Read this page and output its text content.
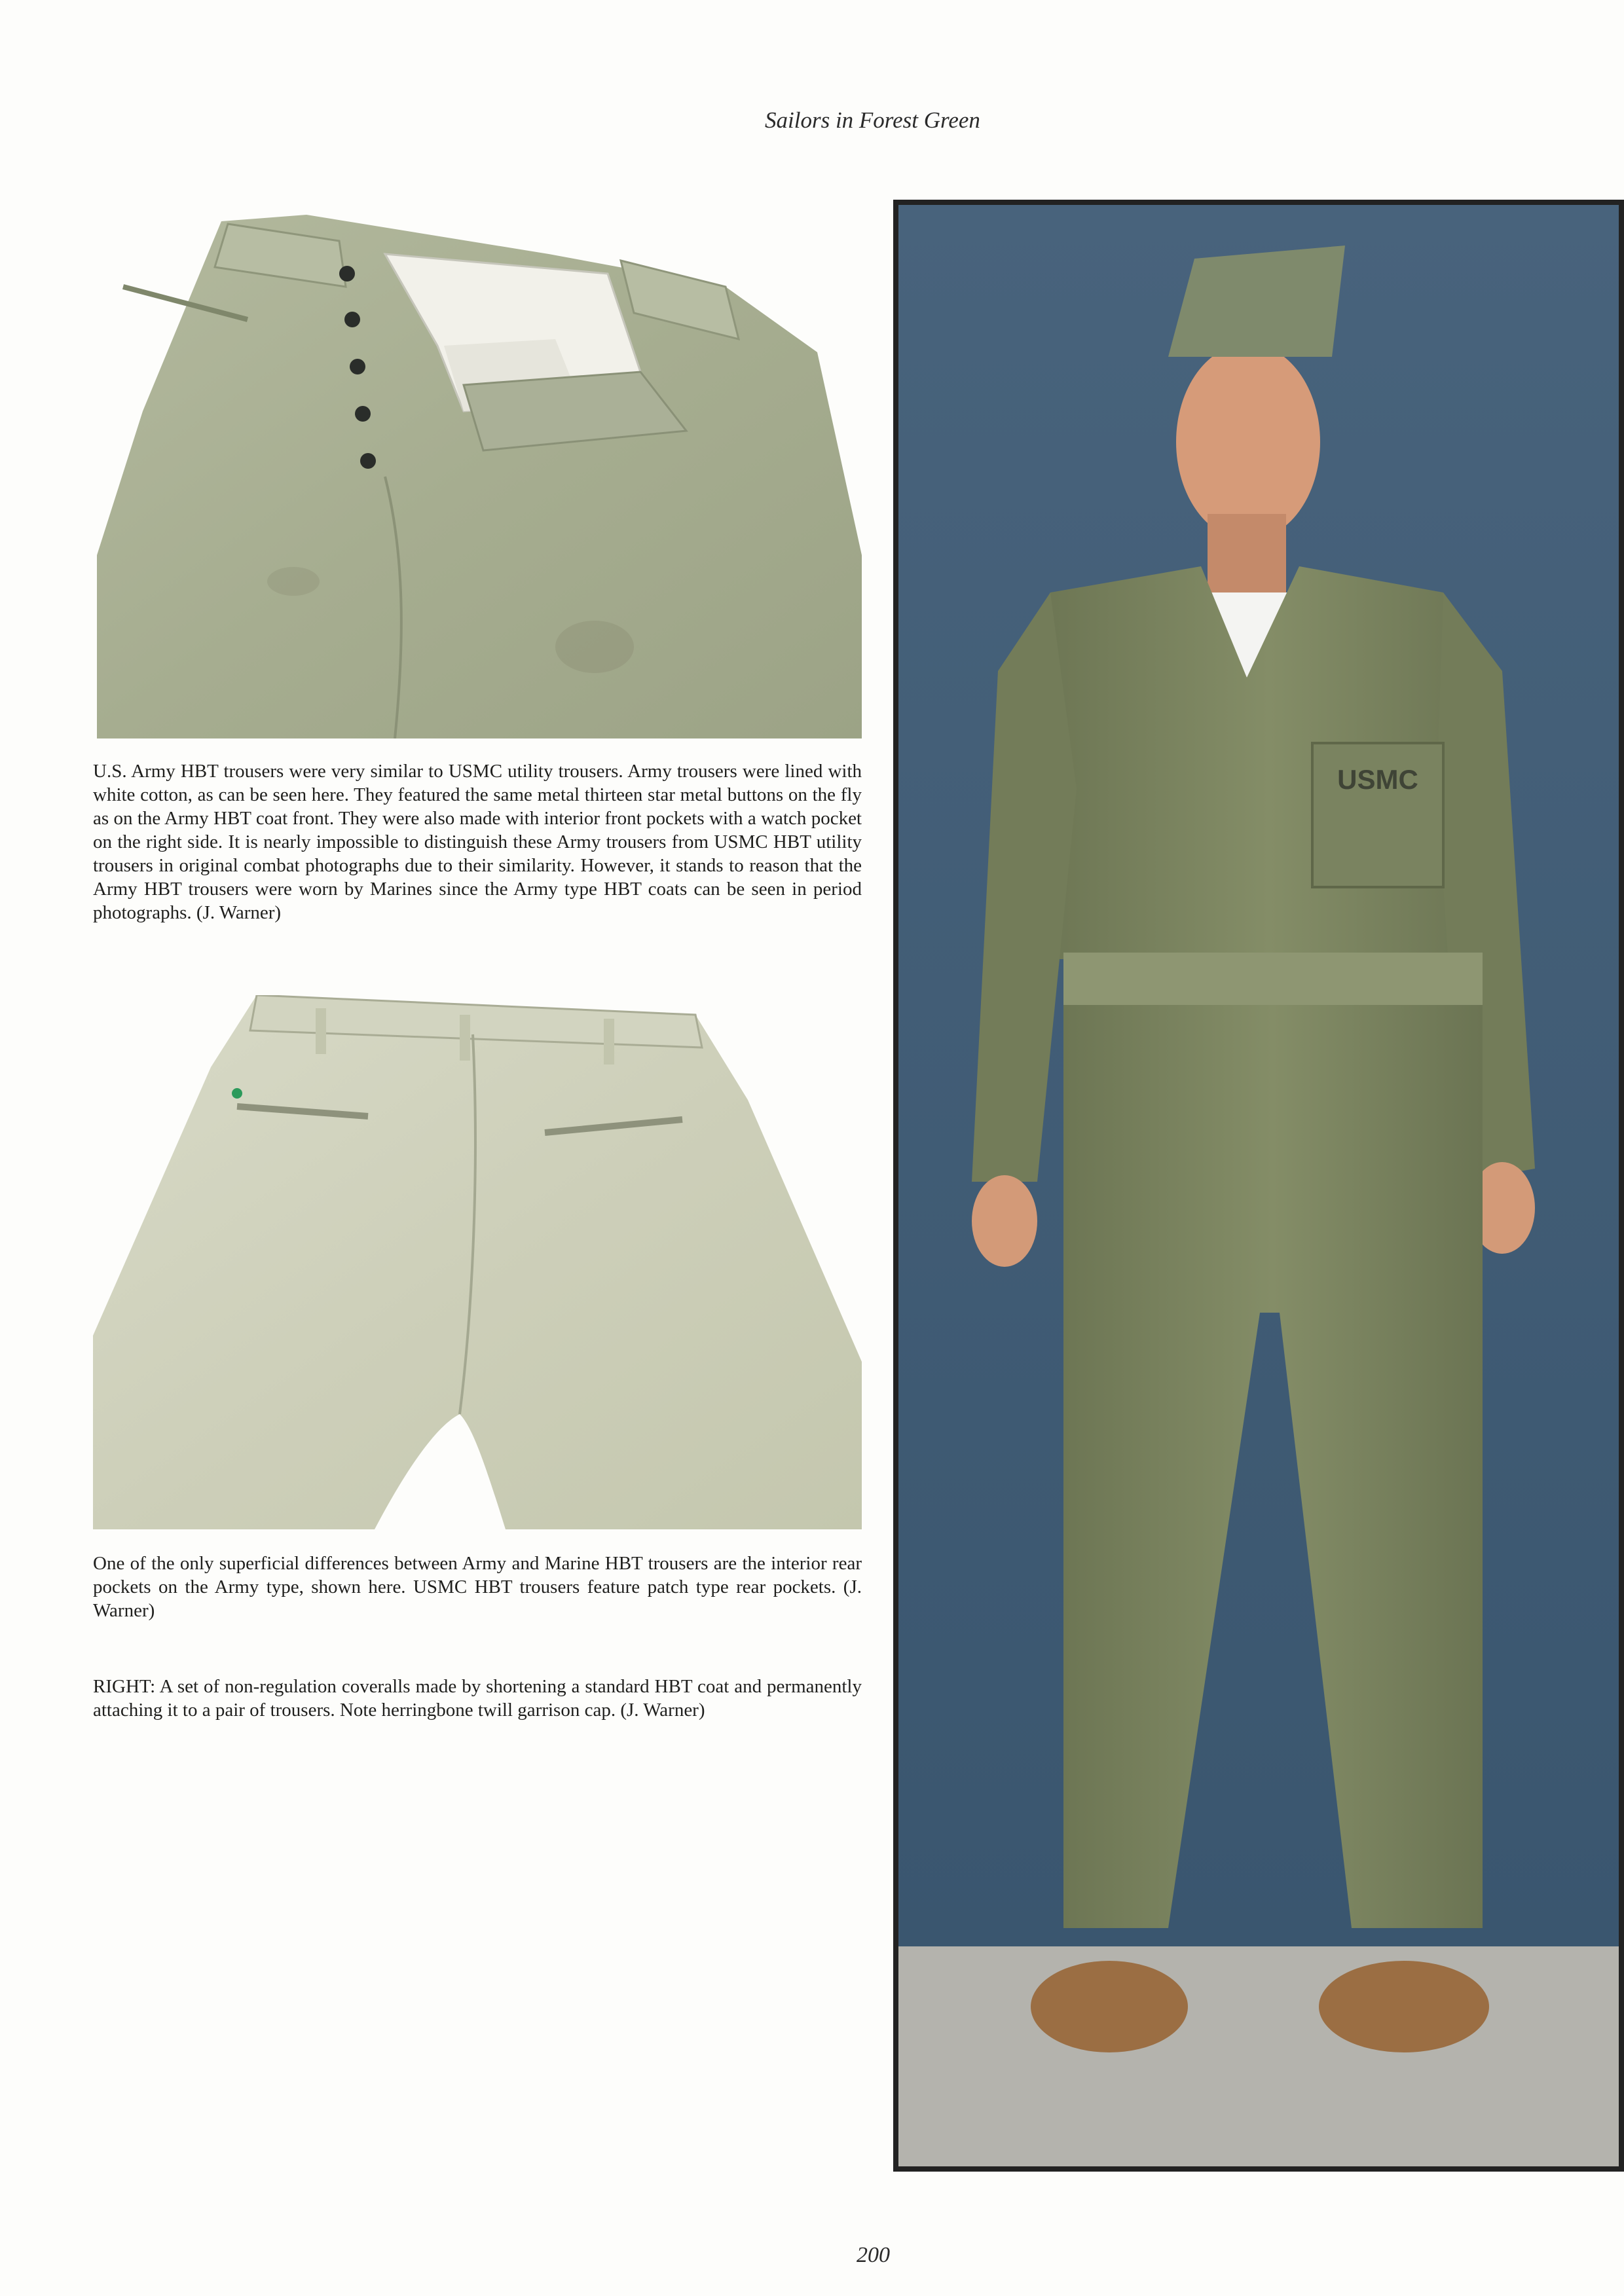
Sailors in Forest Green
U.S. Army HBT trousers were very similar to USMC utility trousers. Army trousers were lined with white cotton, as can be seen here. They featured the same metal thirteen star metal buttons on the fly as on the Army HBT coat front. They were also made with interior front pockets with a watch pocket on the right side. It is nearly impossible to distinguish these Army trousers from USMC HBT utility trousers in original combat photographs due to their similarity. However, it stands to reason that the Army HBT trousers were worn by Marines since the Army type HBT coats can be seen in period photographs. (J. Warner)
One of the only superficial differences between Army and Marine HBT trousers are the interior rear pockets on the Army type, shown here. USMC HBT trousers feature patch type rear pockets. (J. Warner)
RIGHT: A set of non-regulation coveralls made by shortening a standard HBT coat and permanently attaching it to a pair of trousers. Note herringbone twill garrison cap. (J. Warner)
USMC
200
